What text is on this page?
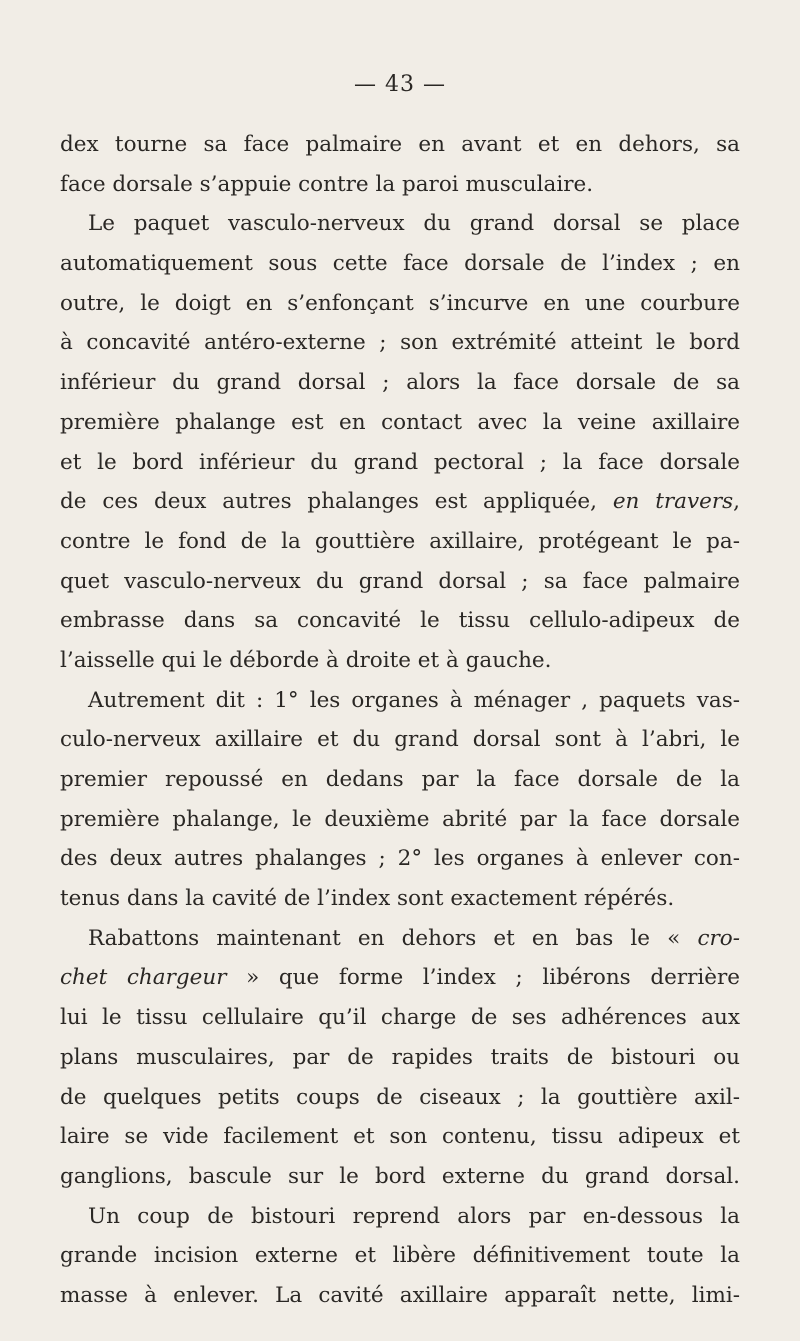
— 43 —
dex tourne sa face palmaire en avant et en dehors, sa
face dorsale s’appuie contre la paroi musculaire.
Le paquet vasculo-nerveux du grand dorsal se place
automatiquement sous cette face dorsale de l’index ; en
outre, le doigt en s’enfonçant s’incurve en une courbure
à concavité antéro-externe ; son extrémité atteint le bord
inférieur du grand dorsal ; alors la face dorsale de sa
première phalange est en contact avec la veine axillaire
et le bord inférieur du grand pectoral ; la face dorsale
de ces deux autres phalanges est appliquée, en travers,
contre le fond de la gouttière axillaire, protégeant le pa-
quet vasculo-nerveux du grand dorsal ; sa face palmaire
embrasse dans sa concavité le tissu cellulo-adipeux de
l’aisselle qui le déborde à droite et à gauche.
Autrement dit : 1° les organes à ménager , paquets vas-
culo-nerveux axillaire et du grand dorsal sont à l’abri, le
premier repoussé en dedans par la face dorsale de la
première phalange, le deuxième abrité par la face dorsale
des deux autres phalanges ; 2° les organes à enlever con-
tenus dans la cavité de l’index sont exactement répérés.
Rabattons maintenant en dehors et en bas le « cro-
chet chargeur » que forme l’index ; libérons derrière
lui le tissu cellulaire qu’il charge de ses adhérences aux
plans musculaires, par de rapides traits de bistouri ou
de quelques petits coups de ciseaux ; la gouttière axil-
laire se vide facilement et son contenu, tissu adipeux et
ganglions, bascule sur le bord externe du grand dorsal.
Un coup de bistouri reprend alors par en-dessous la
grande incision externe et libère définitivement toute la
masse à enlever. La cavité axillaire apparaît nette, limi-
